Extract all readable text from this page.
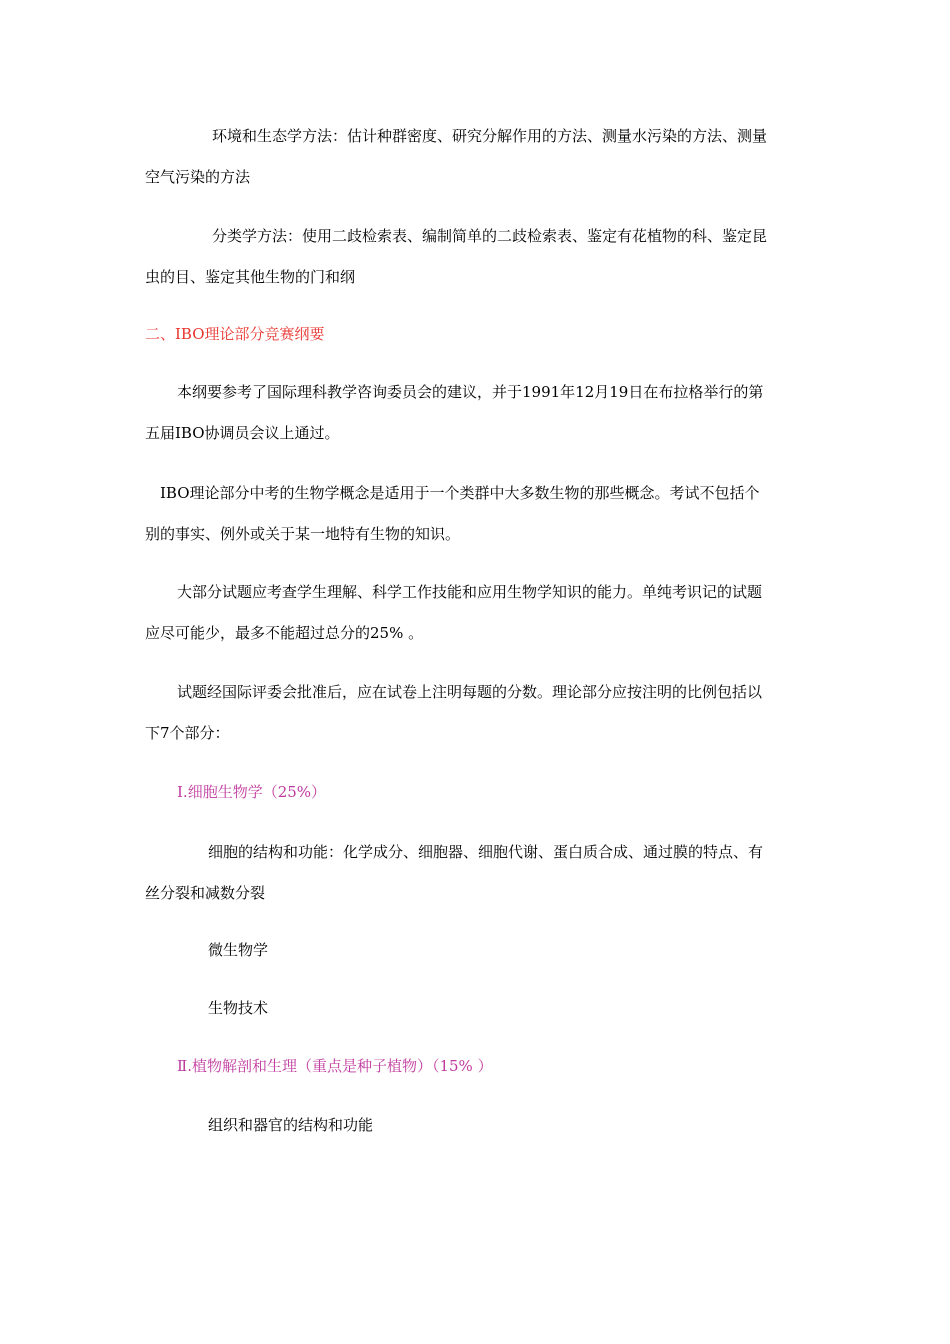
环境和生态学方法：估计种群密度、研究分解作用的方法、测量水污染的方法、测量
空气污染的方法

分类学方法：使用二歧检索表、编制简单的二歧检索表、鉴定有花植物的科、鉴定昆
虫的目、鉴定其他生物的门和纲

二、IBO理论部分竞赛纲要

本纲要参考了国际理科教学咨询委员会的建议，并于1991年12月19日在布拉格举行的第
五届IBO协调员会议上通过。

IBO理论部分中考的生物学概念是适用于一个类群中大多数生物的那些概念。考试不包括个
别的事实、例外或关于某一地特有生物的知识。

大部分试题应考查学生理解、科学工作技能和应用生物学知识的能力。单纯考识记的试题
应尽可能少，最多不能超过总分的25% 。

试题经国际评委会批准后，应在试卷上注明每题的分数。理论部分应按注明的比例包括以
下7个部分：

Ⅰ.细胞生物学（25%）

细胞的结构和功能：化学成分、细胞器、细胞代谢、蛋白质合成、通过膜的特点、有
丝分裂和减数分裂

微生物学

生物技术

Ⅱ.植物解剖和生理（重点是种子植物）（15% ）

组织和器官的结构和功能
